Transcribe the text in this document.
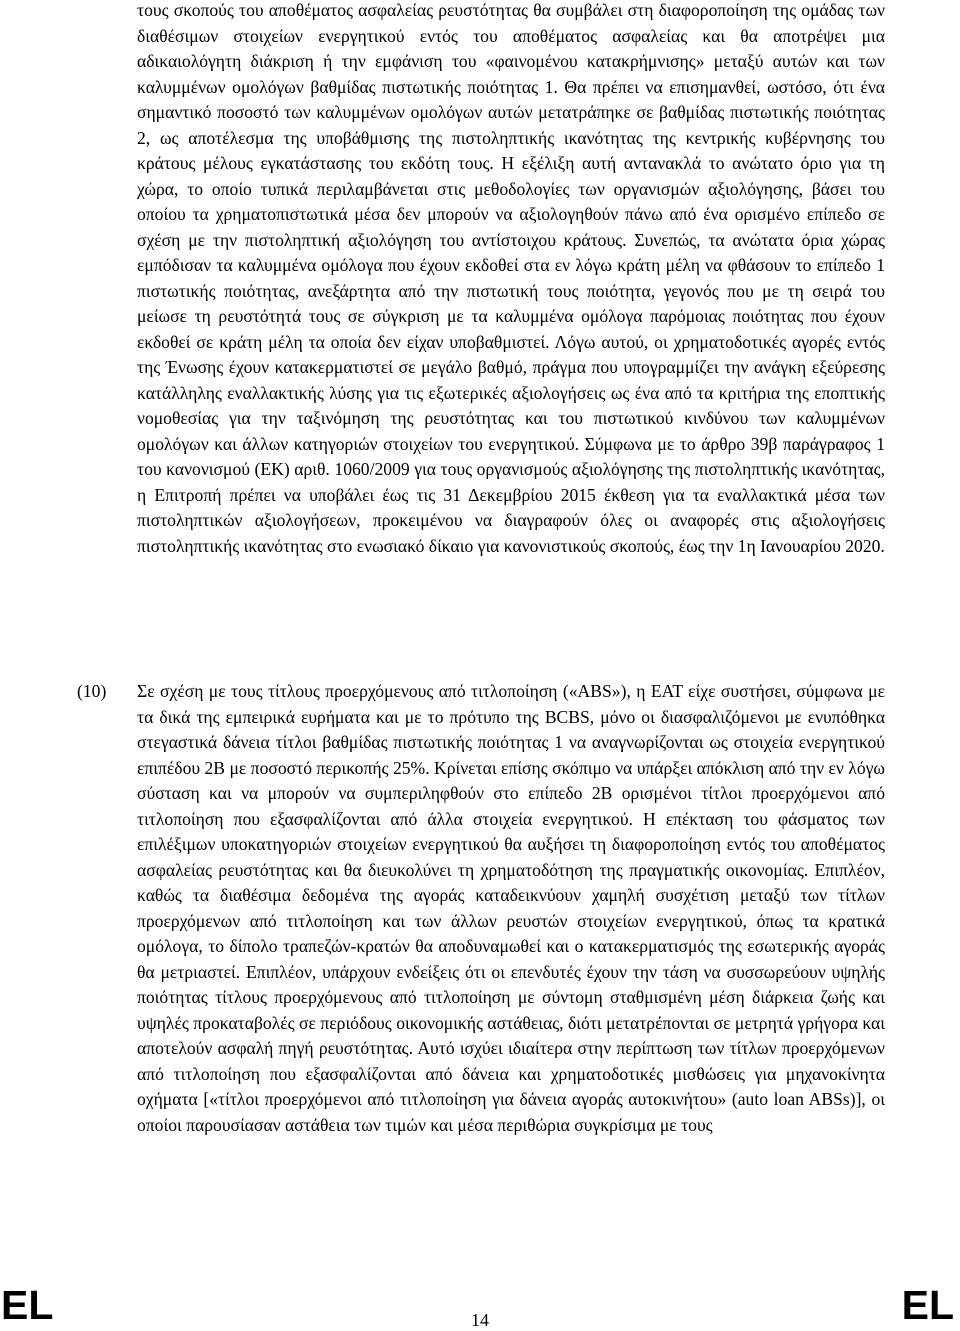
τους σκοπούς του αποθέματος ασφαλείας ρευστότητας θα συμβάλει στη διαφοροποίηση της ομάδας των διαθέσιμων στοιχείων ενεργητικού εντός του αποθέματος ασφαλείας και θα αποτρέψει μια αδικαιολόγητη διάκριση ή την εμφάνιση του «φαινομένου κατακρήμνισης» μεταξύ αυτών και των καλυμμένων ομολόγων βαθμίδας πιστωτικής ποιότητας 1. Θα πρέπει να επισημανθεί, ωστόσο, ότι ένα σημαντικό ποσοστό των καλυμμένων ομολόγων αυτών μετατράπηκε σε βαθμίδας πιστωτικής ποιότητας 2, ως αποτέλεσμα της υποβάθμισης της πιστοληπτικής ικανότητας της κεντρικής κυβέρνησης του κράτους μέλους εγκατάστασης του εκδότη τους. Η εξέλιξη αυτή αντανακλά το ανώτατο όριο για τη χώρα, το οποίο τυπικά περιλαμβάνεται στις μεθοδολογίες των οργανισμών αξιολόγησης, βάσει του οποίου τα χρηματοπιστωτικά μέσα δεν μπορούν να αξιολογηθούν πάνω από ένα ορισμένο επίπεδο σε σχέση με την πιστοληπτική αξιολόγηση του αντίστοιχου κράτους. Συνεπώς, τα ανώτατα όρια χώρας εμπόδισαν τα καλυμμένα ομόλογα που έχουν εκδοθεί στα εν λόγω κράτη μέλη να φθάσουν το επίπεδο 1 πιστωτικής ποιότητας, ανεξάρτητα από την πιστωτική τους ποιότητα, γεγονός που με τη σειρά του μείωσε τη ρευστότητά τους σε σύγκριση με τα καλυμμένα ομόλογα παρόμοιας ποιότητας που έχουν εκδοθεί σε κράτη μέλη τα οποία δεν είχαν υποβαθμιστεί. Λόγω αυτού, οι χρηματοδοτικές αγορές εντός της Ένωσης έχουν κατακερματιστεί σε μεγάλο βαθμό, πράγμα που υπογραμμίζει την ανάγκη εξεύρεσης κατάλληλης εναλλακτικής λύσης για τις εξωτερικές αξιολογήσεις ως ένα από τα κριτήρια της εποπτικής νομοθεσίας για την ταξινόμηση της ρευστότητας και του πιστωτικού κινδύνου των καλυμμένων ομολόγων και άλλων κατηγοριών στοιχείων του ενεργητικού. Σύμφωνα με το άρθρο 39β παράγραφος 1 του κανονισμού (ΕΚ) αριθ. 1060/2009 για τους οργανισμούς αξιολόγησης της πιστοληπτικής ικανότητας, η Επιτροπή πρέπει να υποβάλει έως τις 31 Δεκεμβρίου 2015 έκθεση για τα εναλλακτικά μέσα των πιστοληπτικών αξιολογήσεων, προκειμένου να διαγραφούν όλες οι αναφορές στις αξιολογήσεις πιστοληπτικής ικανότητας στο ενωσιακό δίκαιο για κανονιστικούς σκοπούς, έως την 1η Ιανουαρίου 2020.

(10) Σε σχέση με τους τίτλους προερχόμενους από τιτλοποίηση («ABS»), η ΕΑΤ είχε συστήσει, σύμφωνα με τα δικά της εμπειρικά ευρήματα και με το πρότυπο της BCBS, μόνο οι διασφαλιζόμενοι με ενυπόθηκα στεγαστικά δάνεια τίτλοι βαθμίδας πιστωτικής ποιότητας 1 να αναγνωρίζονται ως στοιχεία ενεργητικού επιπέδου 2Β με ποσοστό περικοπής 25%. Κρίνεται επίσης σκόπιμο να υπάρξει απόκλιση από την εν λόγω σύσταση και να μπορούν να συμπεριληφθούν στο επίπεδο 2Β ορισμένοι τίτλοι προερχόμενοι από τιτλοποίηση που εξασφαλίζονται από άλλα στοιχεία ενεργητικού. Η επέκταση του φάσματος των επιλέξιμων υποκατηγοριών στοιχείων ενεργητικού θα αυξήσει τη διαφοροποίηση εντός του αποθέματος ασφαλείας ρευστότητας και θα διευκολύνει τη χρηματοδότηση της πραγματικής οικονομίας. Επιπλέον, καθώς τα διαθέσιμα δεδομένα της αγοράς καταδεικνύουν χαμηλή συσχέτιση μεταξύ των τίτλων προερχόμενων από τιτλοποίηση και των άλλων ρευστών στοιχείων ενεργητικού, όπως τα κρατικά ομόλογα, το δίπολο τραπεζών-κρατών θα αποδυναμωθεί και ο κατακερματισμός της εσωτερικής αγοράς θα μετριαστεί. Επιπλέον, υπάρχουν ενδείξεις ότι οι επενδυτές έχουν την τάση να συσσωρεύουν υψηλής ποιότητας τίτλους προερχόμενους από τιτλοποίηση με σύντομη σταθμισμένη μέση διάρκεια ζωής και υψηλές προκαταβολές σε περιόδους οικονομικής αστάθειας, διότι μετατρέπονται σε μετρητά γρήγορα και αποτελούν ασφαλή πηγή ρευστότητας. Αυτό ισχύει ιδιαίτερα στην περίπτωση των τίτλων προερχόμενων από τιτλοποίηση που εξασφαλίζονται από δάνεια και χρηματοδοτικές μισθώσεις για μηχανοκίνητα οχήματα [«τίτλοι προερχόμενοι από τιτλοποίηση για δάνεια αγοράς αυτοκινήτου» (auto loan ABSs)], οι οποίοι παρουσίασαν αστάθεια των τιμών και μέσα περιθώρια συγκρίσιμα με τους

EL	14	EL
